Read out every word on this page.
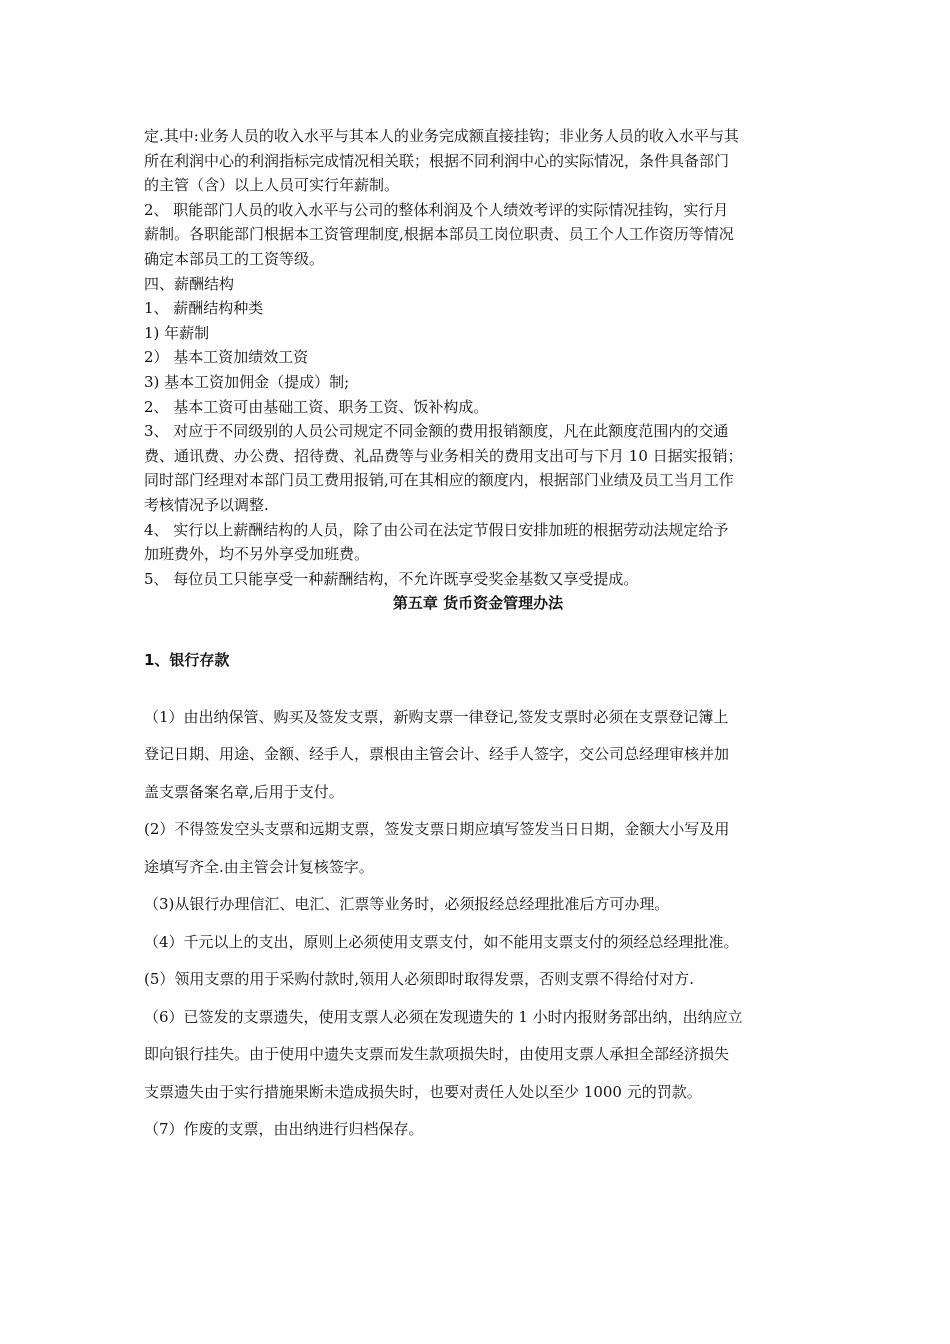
定.其中:业务人员的收入水平与其本人的业务完成额直接挂钩；非业务人员的收入水平与其

所在利润中心的利润指标完成情况相关联；根据不同利润中心的实际情况，条件具备部门

的主管（含）以上人员可实行年薪制。

2、 职能部门人员的收入水平与公司的整体利润及个人绩效考评的实际情况挂钩，实行月

薪制。各职能部门根据本工资管理制度,根据本部员工岗位职责、员工个人工作资历等情况

确定本部员工的工资等级。

四、薪酬结构

1、 薪酬结构种类

1) 年薪制

2） 基本工资加绩效工资

3) 基本工资加佣金（提成）制;

2、 基本工资可由基础工资、职务工资、饭补构成。

3、 对应于不同级别的人员公司规定不同金额的费用报销额度，凡在此额度范围内的交通

费、通讯费、办公费、招待费、礼品费等与业务相关的费用支出可与下月 10 日据实报销；

同时部门经理对本部门员工费用报销,可在其相应的额度内，根据部门业绩及员工当月工作

考核情况予以调整.

4、 实行以上薪酬结构的人员，除了由公司在法定节假日安排加班的根据劳动法规定给予

加班费外，均不另外享受加班费。

5、 每位员工只能享受一种薪酬结构，不允许既享受奖金基数又享受提成。

第五章 货币资金管理办法

1、银行存款

（1）由出纳保管、购买及签发支票，新购支票一律登记,签发支票时必须在支票登记簿上

登记日期、用途、金额、经手人，票根由主管会计、经手人签字，交公司总经理审核并加

盖支票备案名章,后用于支付。

(2）不得签发空头支票和远期支票，签发支票日期应填写签发当日日期，金额大小写及用

途填写齐全.由主管会计复核签字。

（3)从银行办理信汇、电汇、汇票等业务时，必须报经总经理批准后方可办理。

（4）千元以上的支出，原则上必须使用支票支付，如不能用支票支付的须经总经理批准。

(5）领用支票的用于采购付款时,领用人必须即时取得发票，否则支票不得给付对方.

（6）已签发的支票遗失，使用支票人必须在发现遗失的 1 小时内报财务部出纳，出纳应立

即向银行挂失。由于使用中遗失支票而发生款项损失时，由使用支票人承担全部经济损失

支票遗失由于实行措施果断未造成损失时，也要对责任人处以至少 1000 元的罚款。

（7）作废的支票，由出纳进行归档保存。
